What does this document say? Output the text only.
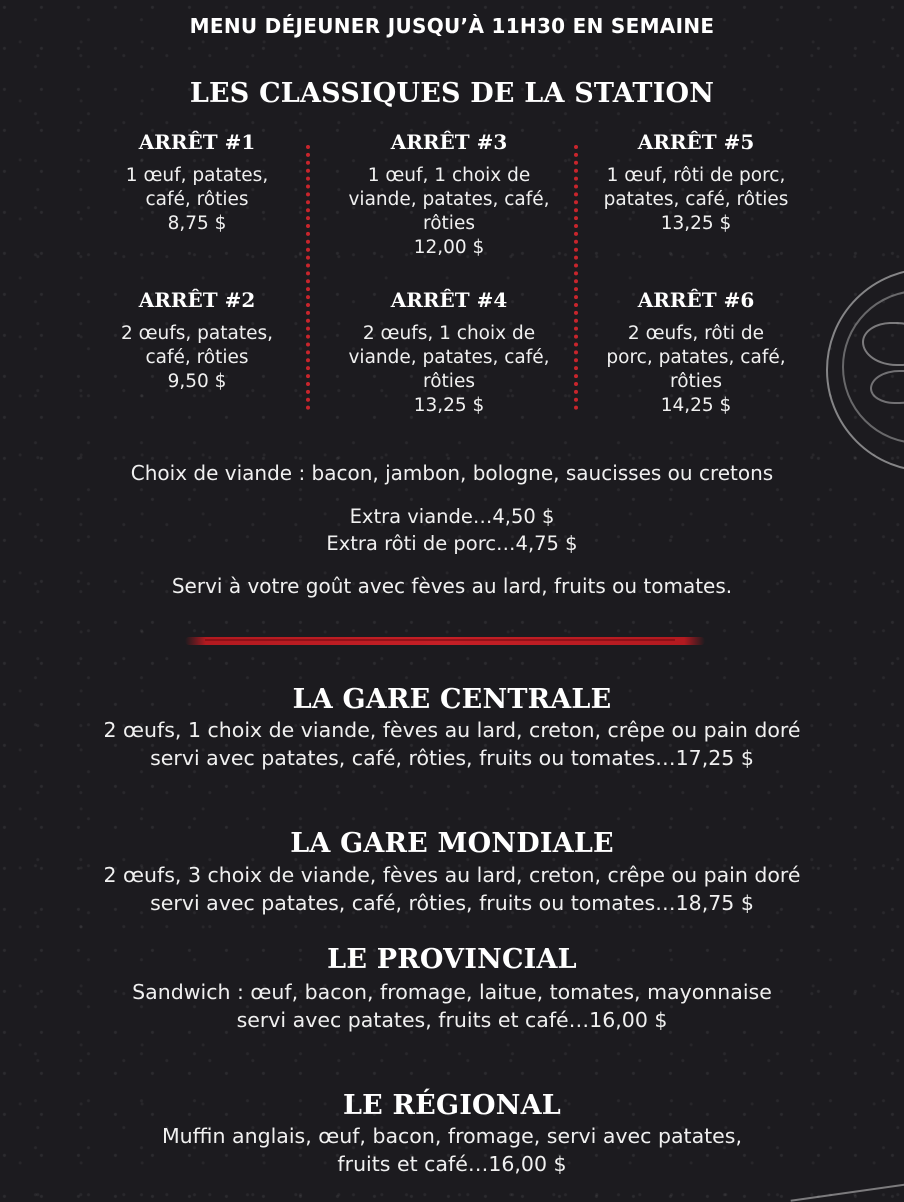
MENU DÉJEUNER JUSQU’À 11H30 EN SEMAINE
LES CLASSIQUES DE LA STATION
ARRÊT #1
1 œuf, patates,
café, rôties
8,75 $
ARRÊT #3
1 œuf, 1 choix de
viande, patates, café,
rôties
12,00 $
ARRÊT #5
1 œuf, rôti de porc,
patates, café, rôties
13,25 $
ARRÊT #2
2 œufs, patates,
café, rôties
9,50 $
ARRÊT #4
2 œufs, 1 choix de
viande, patates, café,
rôties
13,25 $
ARRÊT #6
2 œufs, rôti de
porc, patates, café,
rôties
14,25 $
Choix de viande : bacon, jambon, bologne, saucisses ou cretons
Extra viande…4,50 $
Extra rôti de porc…4,75 $
Servi à votre goût avec fèves au lard, fruits ou tomates.
LA GARE CENTRALE
2 œufs, 1 choix de viande, fèves au lard, creton, crêpe ou pain doré
servi avec patates, café, rôties, fruits ou tomates…17,25 $
LA GARE MONDIALE
2 œufs, 3 choix de viande, fèves au lard, creton, crêpe ou pain doré
servi avec patates, café, rôties, fruits ou tomates…18,75 $
LE PROVINCIAL
Sandwich : œuf, bacon, fromage, laitue, tomates, mayonnaise
servi avec patates, fruits et café…16,00 $
LE RÉGIONAL
Muffin anglais, œuf, bacon, fromage, servi avec patates,
fruits et café…16,00 $
